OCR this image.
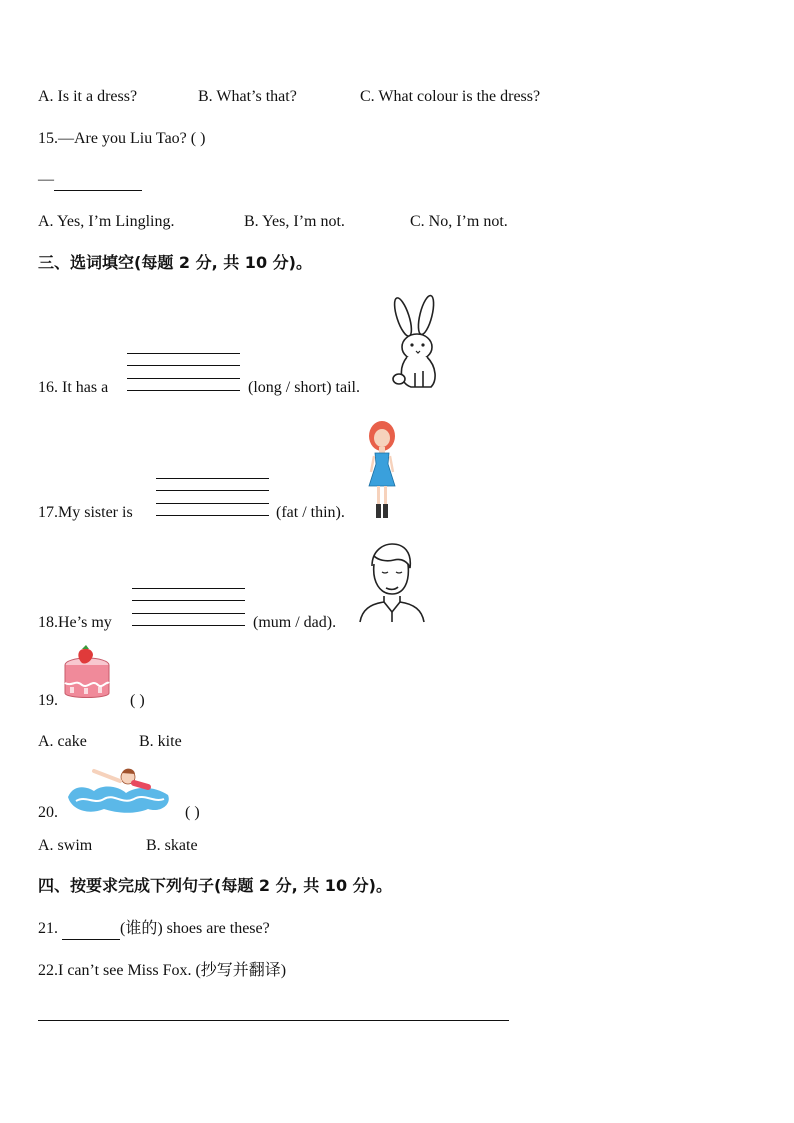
A. Is it a dress?	B. What’s that?	C. What colour is the dress?
15.—Are you Liu Tao? ( )
—
A. Yes, I’m Lingling.	B. Yes, I’m not.	C. No, I’m not.
三、选词填空(每题 2 分, 共 10 分)。
16. It has a	(long / short) tail.
17.My sister is	(fat / thin).
18.He’s my	(mum / dad).
19.	( )
A. cake	B. kite
20.	( )
A. swim	B. skate
四、按要求完成下列句子(每题 2 分, 共 10 分)。
21.	(谁的) shoes are these?
22.I can’t see Miss Fox. (抄写并翻译)
